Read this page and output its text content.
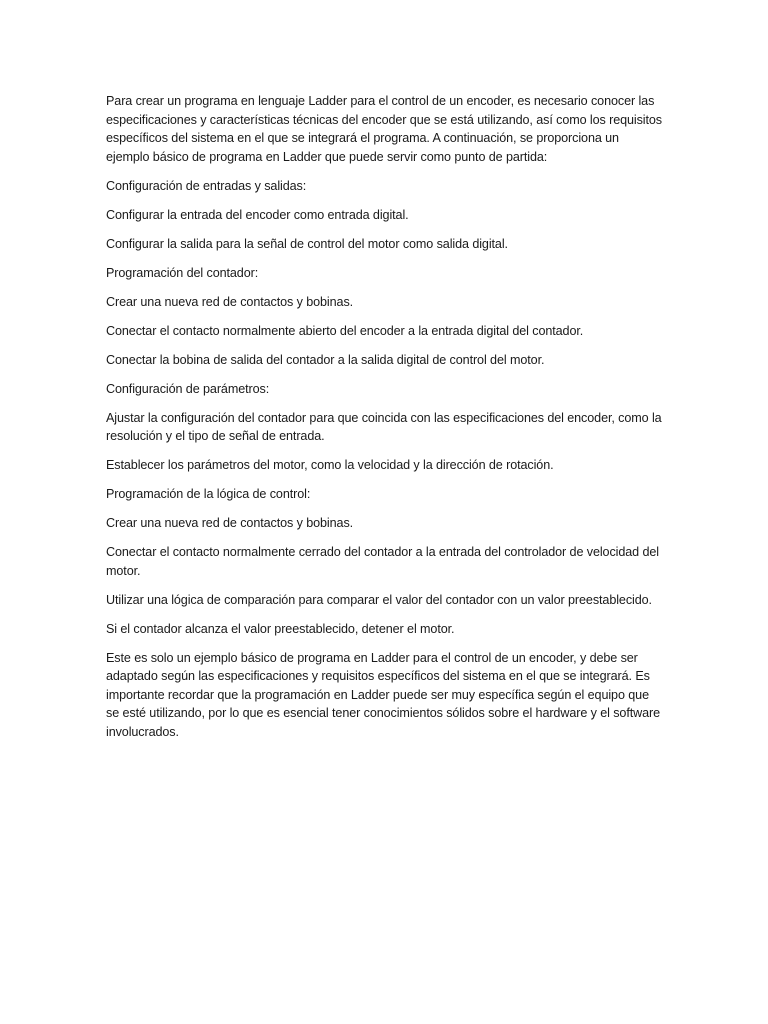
Para crear un programa en lenguaje Ladder para el control de un encoder, es necesario conocer las especificaciones y características técnicas del encoder que se está utilizando, así como los requisitos específicos del sistema en el que se integrará el programa. A continuación, se proporciona un ejemplo básico de programa en Ladder que puede servir como punto de partida:

Configuración de entradas y salidas:

Configurar la entrada del encoder como entrada digital.

Configurar la salida para la señal de control del motor como salida digital.

Programación del contador:

Crear una nueva red de contactos y bobinas.

Conectar el contacto normalmente abierto del encoder a la entrada digital del contador.

Conectar la bobina de salida del contador a la salida digital de control del motor.

Configuración de parámetros:

Ajustar la configuración del contador para que coincida con las especificaciones del encoder, como la resolución y el tipo de señal de entrada.

Establecer los parámetros del motor, como la velocidad y la dirección de rotación.

Programación de la lógica de control:

Crear una nueva red de contactos y bobinas.

Conectar el contacto normalmente cerrado del contador a la entrada del controlador de velocidad del motor.

Utilizar una lógica de comparación para comparar el valor del contador con un valor preestablecido.

Si el contador alcanza el valor preestablecido, detener el motor.

Este es solo un ejemplo básico de programa en Ladder para el control de un encoder, y debe ser adaptado según las especificaciones y requisitos específicos del sistema en el que se integrará. Es importante recordar que la programación en Ladder puede ser muy específica según el equipo que se esté utilizando, por lo que es esencial tener conocimientos sólidos sobre el hardware y el software involucrados.
